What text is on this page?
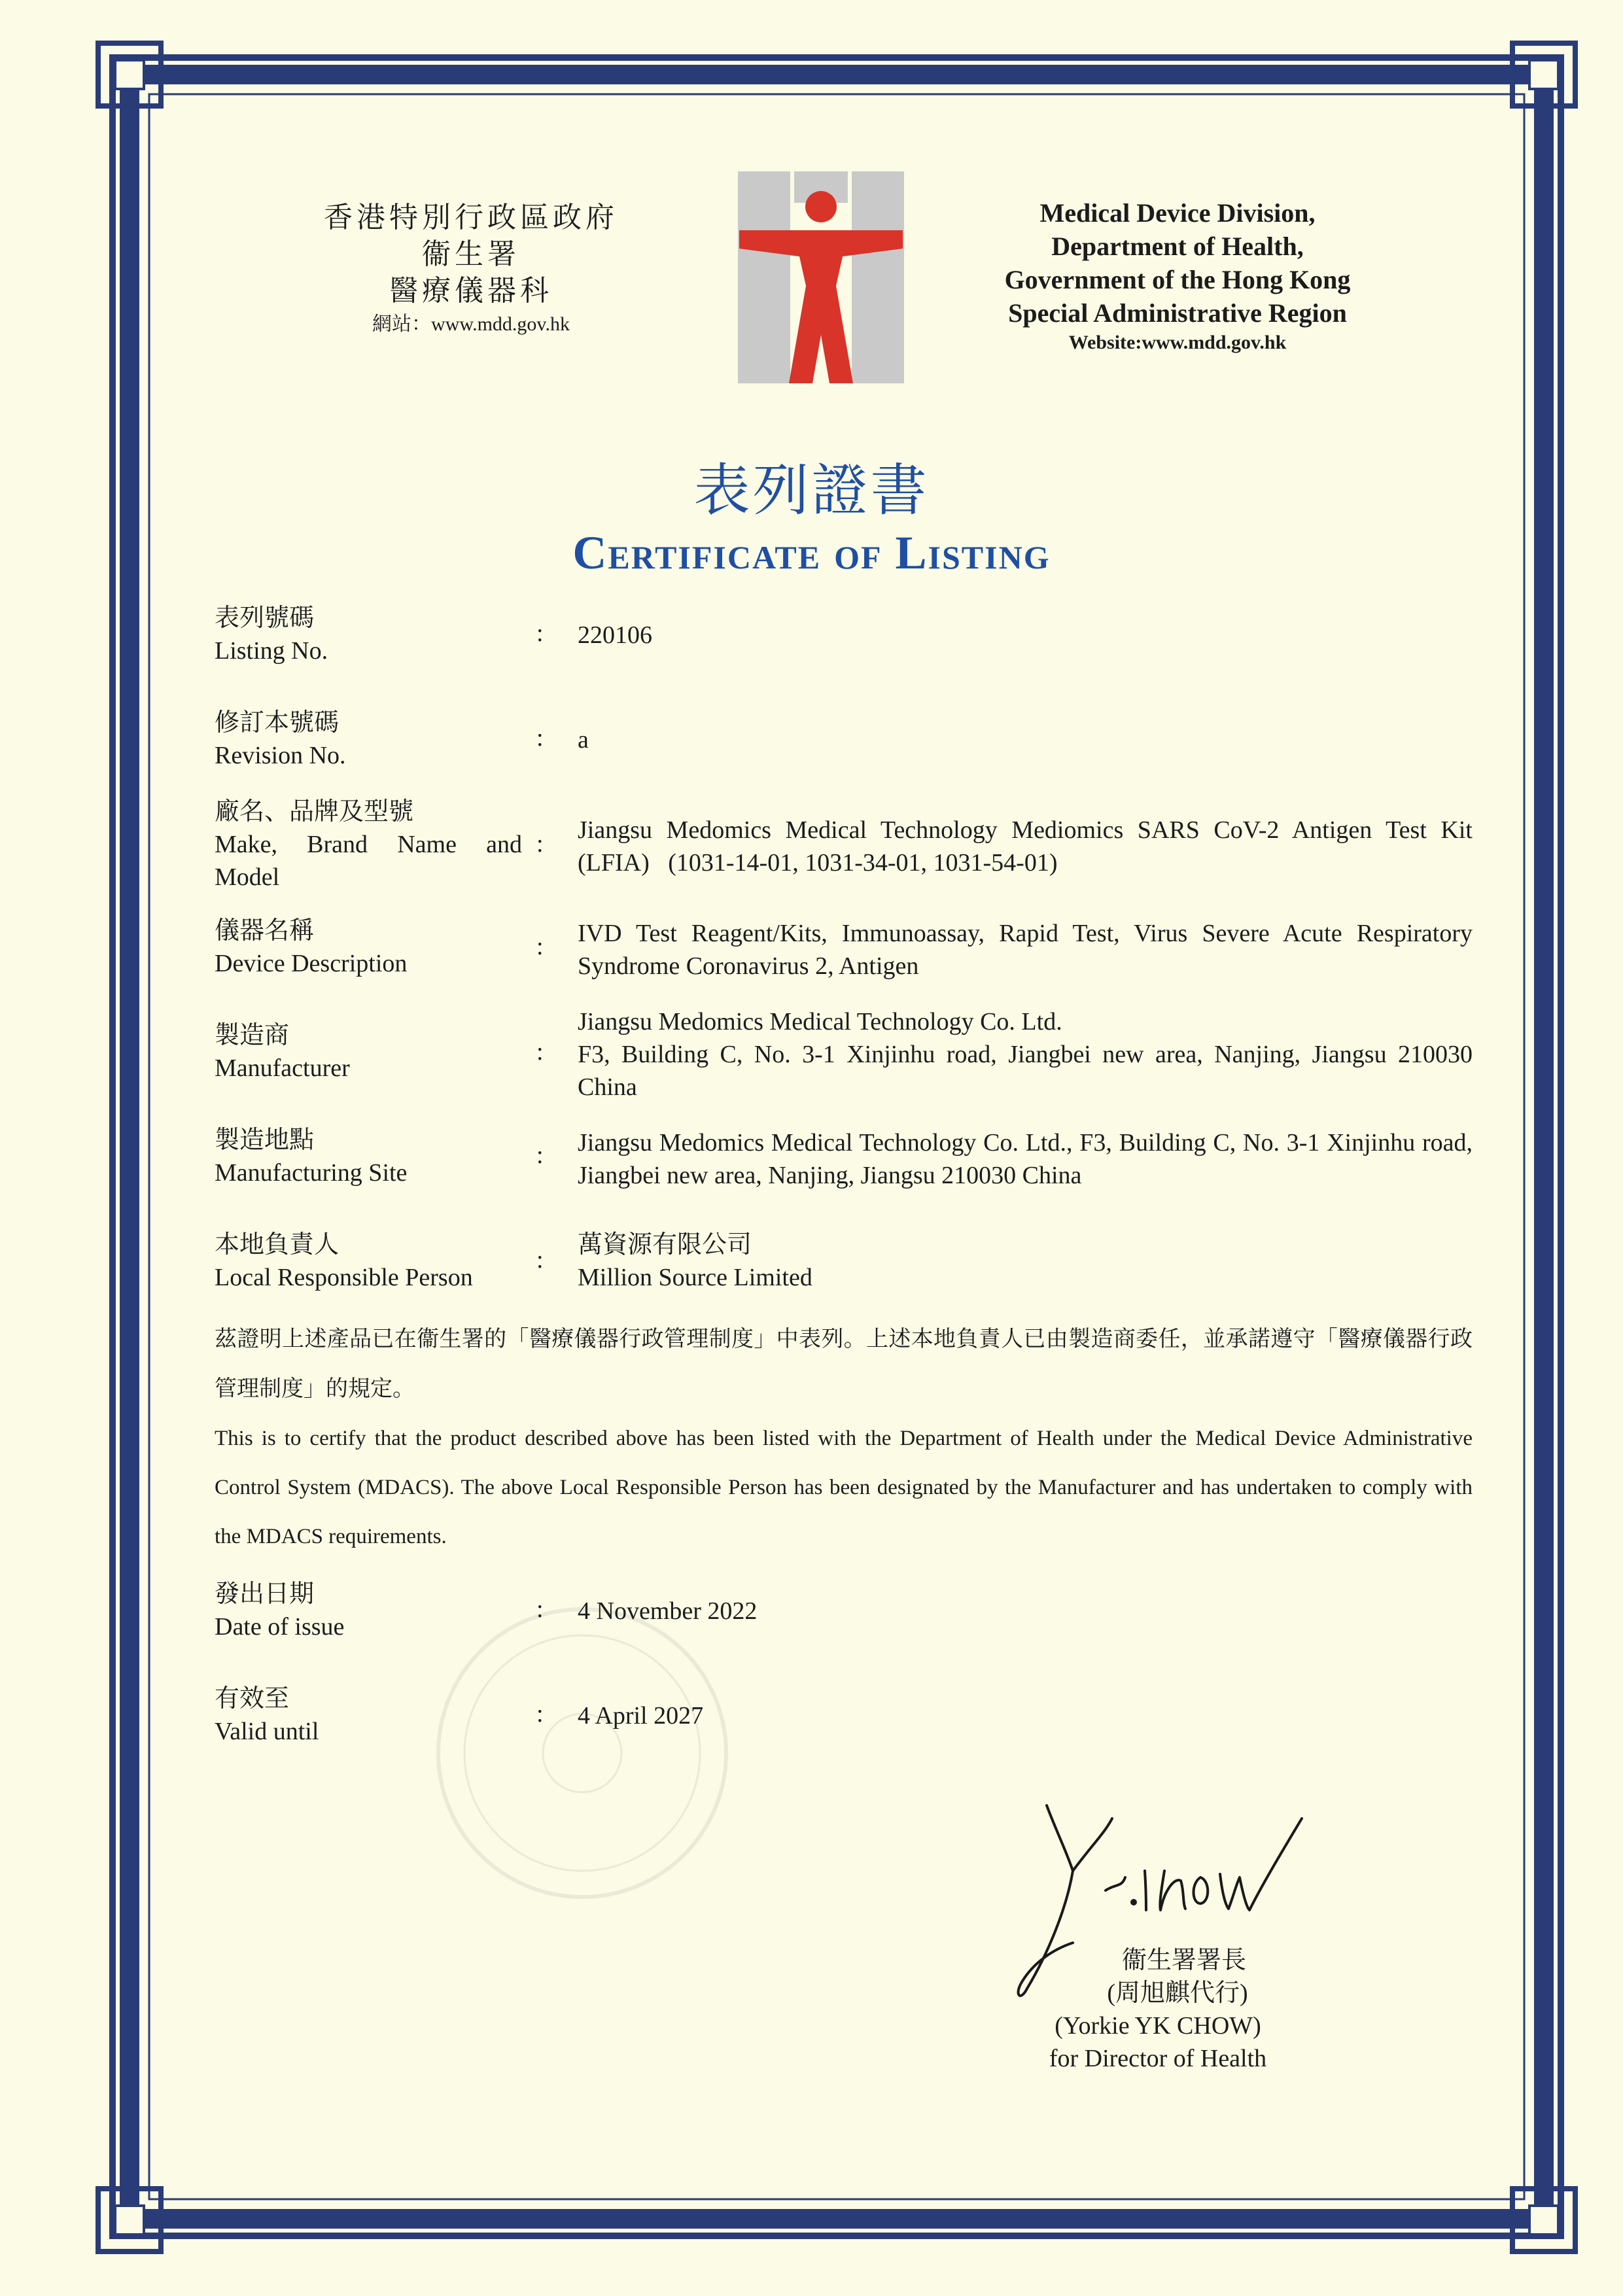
香港特別行政區政府
衞生署
醫療儀器科
網站：www.mdd.gov.hk
Medical Device Division,
Department of Health,
Government of the Hong Kong
Special Administrative Region
Website:www.mdd.gov.hk
表列證書
Certificate of Listing
表列號碼
Listing No.
: 220106
修訂本號碼
Revision No.
: a
廠名、品牌及型號
Make, Brand Name and Model
: Jiangsu Medomics Medical Technology Mediomics SARS CoV-2 Antigen Test Kit (LFIA)   (1031-14-01, 1031-34-01, 1031-54-01)
儀器名稱
Device Description
: IVD Test Reagent/Kits, Immunoassay, Rapid Test, Virus Severe Acute Respiratory Syndrome Coronavirus 2, Antigen
製造商
Manufacturer
:
Jiangsu Medomics Medical Technology Co. Ltd.
F3, Building C, No. 3-1 Xinjinhu road, Jiangbei new area, Nanjing, Jiangsu 210030 China
製造地點
Manufacturing Site
: Jiangsu Medomics Medical Technology Co. Ltd., F3, Building C, No. 3-1 Xinjinhu road, Jiangbei new area, Nanjing, Jiangsu 210030 China
本地負責人
Local Responsible Person
:
萬資源有限公司
Million Source Limited
茲證明上述產品已在衞生署的「醫療儀器行政管理制度」中表列。上述本地負責人已由製造商委任，並承諾遵守「醫療儀器行政管理制度」的規定。
This is to certify that the product described above has been listed with the Department of Health under the Medical Device Administrative Control System (MDACS). The above Local Responsible Person has been designated by the Manufacturer and has undertaken to comply with the MDACS requirements.
發出日期
Date of issue
: 4 November 2022
有效至
Valid until
: 4 April 2027
衞生署署長
(周旭麒代行)
(Yorkie YK CHOW)
for Director of Health
